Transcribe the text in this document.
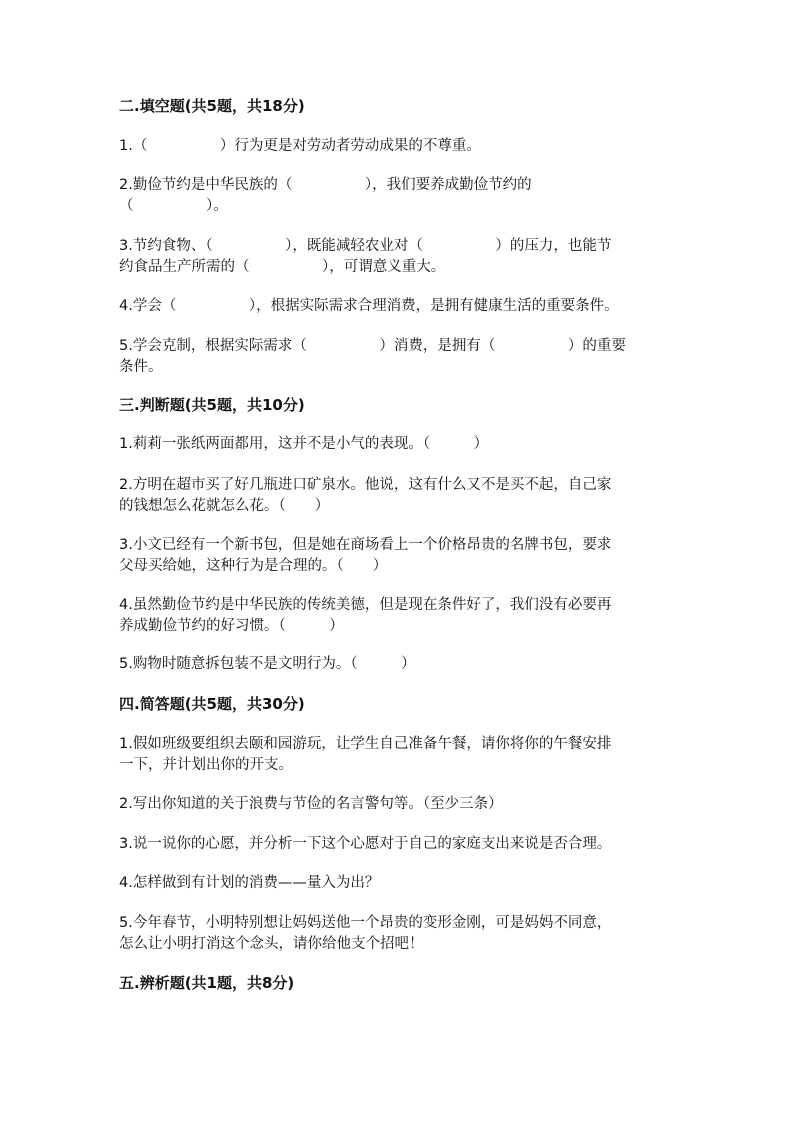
二.填空题(共5题，共18分)
1.（　　　　　）行为更是对劳动者劳动成果的不尊重。
2.勤俭节约是中华民族的（　　　　　），我们要养成勤俭节约的
（　　　　　）。
3.节约食物、（　　　　　），既能减轻农业对（　　　　　）的压力，也能节
约食品生产所需的（　　　　　），可谓意义重大。
4.学会（　　　　　），根据实际需求合理消费，是拥有健康生活的重要条件。
5.学会克制，根据实际需求（　　　　　）消费，是拥有（　　　　　）的重要
条件。
三.判断题(共5题，共10分)
1.莉莉一张纸两面都用，这并不是小气的表现。（　　　）
2.方明在超市买了好几瓶进口矿泉水。他说，这有什么又不是买不起，自己家
的钱想怎么花就怎么花。（　　）
3.小文已经有一个新书包，但是她在商场看上一个价格昂贵的名牌书包，要求
父母买给她，这种行为是合理的。（　　）
4.虽然勤俭节约是中华民族的传统美德，但是现在条件好了，我们没有必要再
养成勤俭节约的好习惯。（　　　）
5.购物时随意拆包装不是文明行为。（　　　）
四.简答题(共5题，共30分)
1.假如班级要组织去颐和园游玩，让学生自己准备午餐，请你将你的午餐安排
一下，并计划出你的开支。
2.写出你知道的关于浪费与节俭的名言警句等。（至少三条）
3.说一说你的心愿，并分析一下这个心愿对于自己的家庭支出来说是否合理。
4.怎样做到有计划的消费——量入为出？
5.今年春节，小明特别想让妈妈送他一个昂贵的变形金刚，可是妈妈不同意，
怎么让小明打消这个念头，请你给他支个招吧！
五.辨析题(共1题，共8分)
